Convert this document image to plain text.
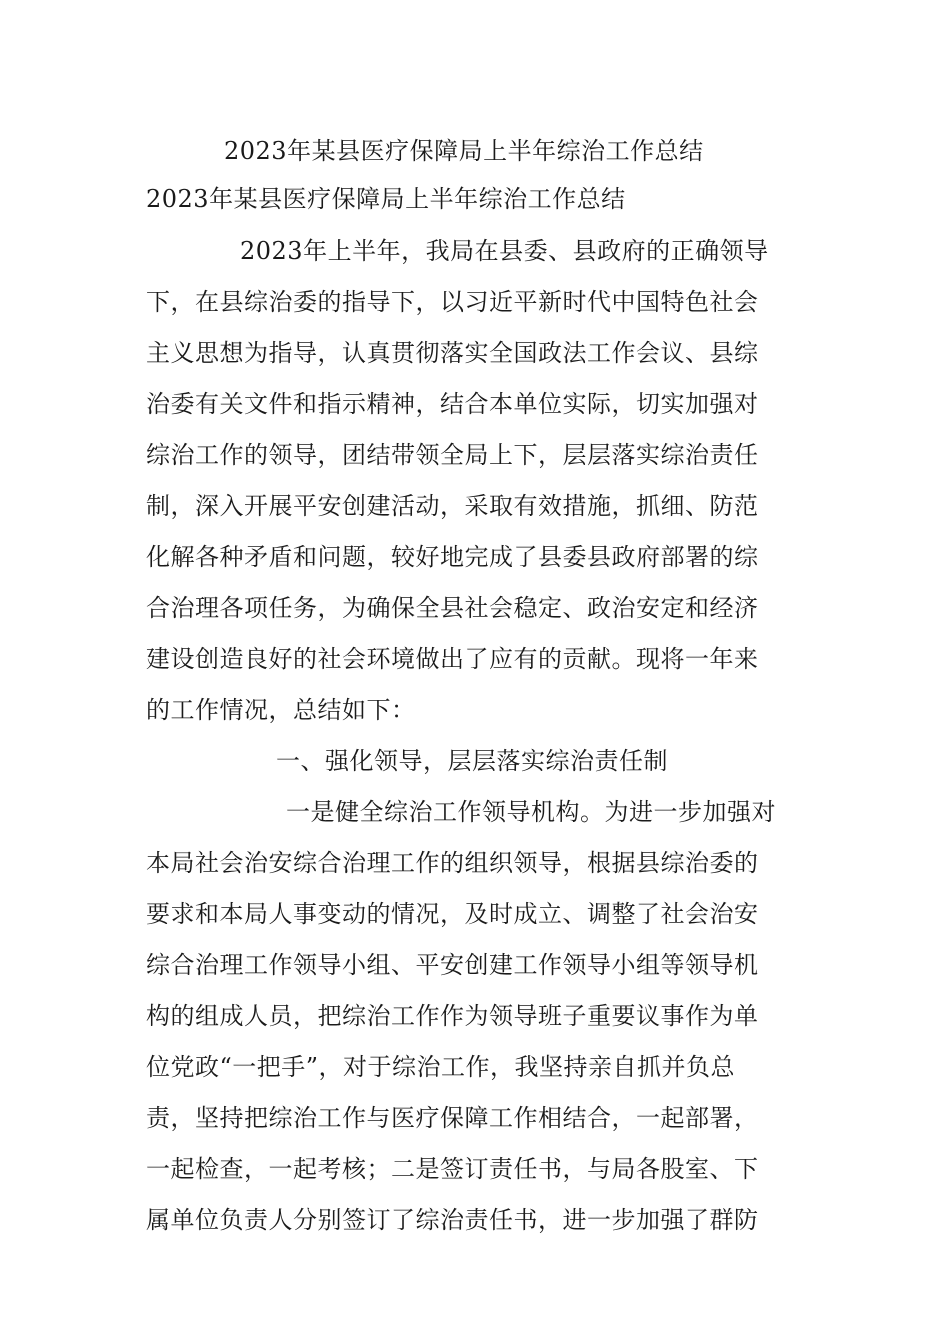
2023年某县医疗保障局上半年综治工作总结
2023年某县医疗保障局上半年综治工作总结
2023年上半年，我局在县委、县政府的正确领导
下，在县综治委的指导下，以习近平新时代中国特色社会
主义思想为指导，认真贯彻落实全国政法工作会议、县综
治委有关文件和指示精神，结合本单位实际，切实加强对
综治工作的领导，团结带领全局上下，层层落实综治责任
制，深入开展平安创建活动，采取有效措施，抓细、防范
化解各种矛盾和问题，较好地完成了县委县政府部署的综
合治理各项任务，为确保全县社会稳定、政治安定和经济
建设创造良好的社会环境做出了应有的贡献。现将一年来
的工作情况，总结如下：
一、强化领导，层层落实综治责任制
一是健全综治工作领导机构。为进一步加强对
本局社会治安综合治理工作的组织领导，根据县综治委的
要求和本局人事变动的情况，及时成立、调整了社会治安
综合治理工作领导小组、平安创建工作领导小组等领导机
构的组成人员，把综治工作作为领导班子重要议事作为单
位党政“一把手”，对于综治工作，我坚持亲自抓并负总
责，坚持把综治工作与医疗保障工作相结合，一起部署，
一起检查，一起考核；二是签订责任书，与局各股室、下
属单位负责人分别签订了综治责任书，进一步加强了群防
